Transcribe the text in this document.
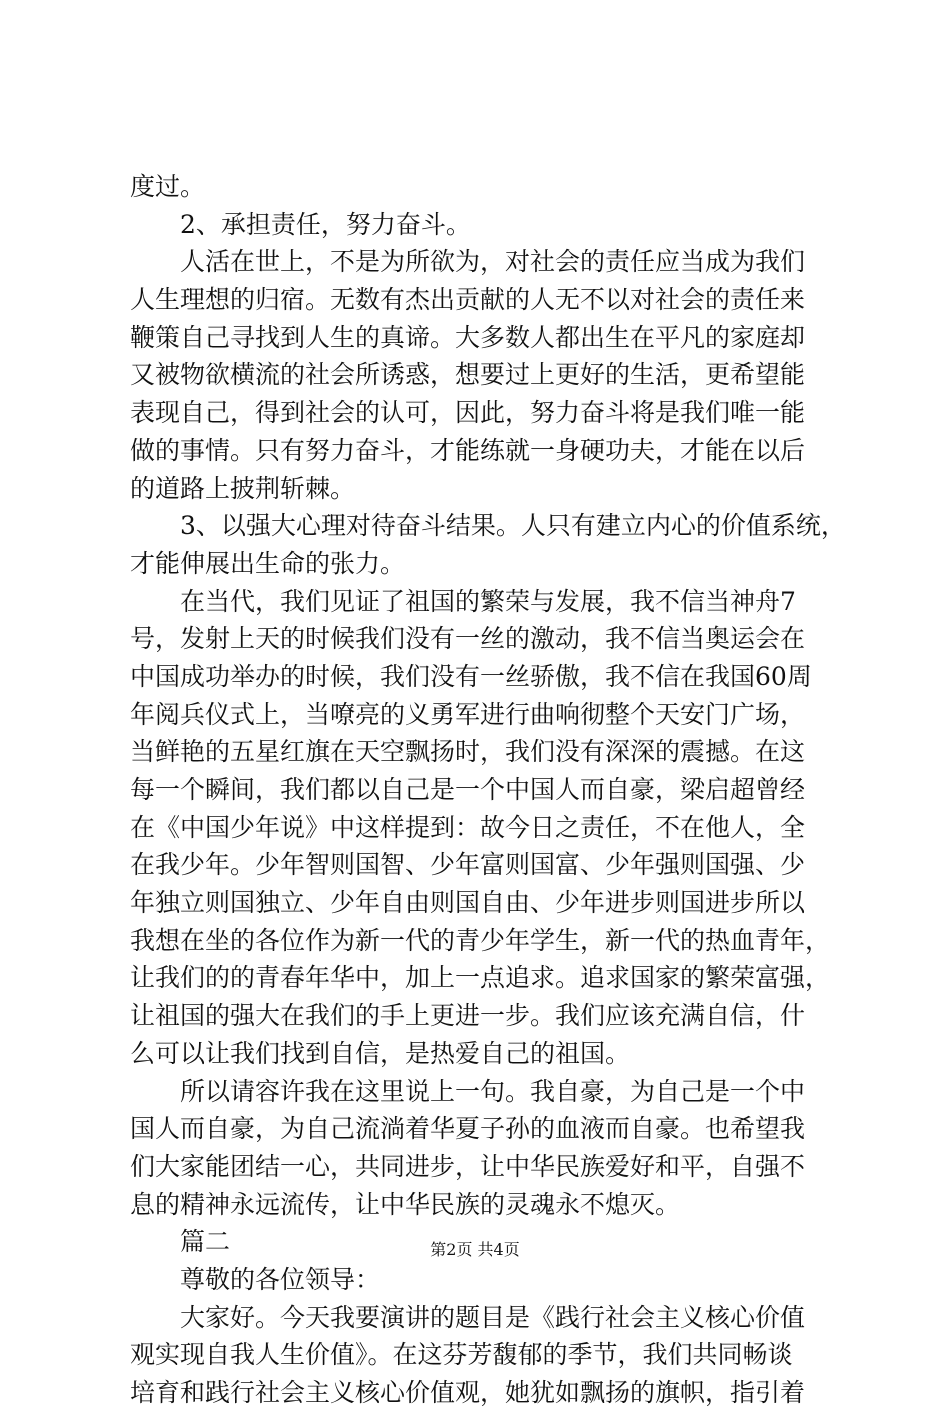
度过。
2、承担责任，努力奋斗。
人活在世上，不是为所欲为，对社会的责任应当成为我们
人生理想的归宿。无数有杰出贡献的人无不以对社会的责任来
鞭策自己寻找到人生的真谛。大多数人都出生在平凡的家庭却
又被物欲横流的社会所诱惑，想要过上更好的生活，更希望能
表现自己，得到社会的认可，因此，努力奋斗将是我们唯一能
做的事情。只有努力奋斗，才能练就一身硬功夫，才能在以后
的道路上披荆斩棘。
3、以强大心理对待奋斗结果。人只有建立内心的价值系统，
才能伸展出生命的张力。
在当代，我们见证了祖国的繁荣与发展，我不信当神舟7
号，发射上天的时候我们没有一丝的激动，我不信当奥运会在
中国成功举办的时候，我们没有一丝骄傲，我不信在我国60周
年阅兵仪式上，当嘹亮的义勇军进行曲响彻整个天安门广场，
当鲜艳的五星红旗在天空飘扬时，我们没有深深的震撼。在这
每一个瞬间，我们都以自己是一个中国人而自豪，梁启超曾经
在《中国少年说》中这样提到：故今日之责任，不在他人，全
在我少年。少年智则国智、少年富则国富、少年强则国强、少
年独立则国独立、少年自由则国自由、少年进步则国进步所以
我想在坐的各位作为新一代的青少年学生，新一代的热血青年，
让我们的的青春年华中，加上一点追求。追求国家的繁荣富强，
让祖国的强大在我们的手上更进一步。我们应该充满自信，什
么可以让我们找到自信，是热爱自己的祖国。
所以请容许我在这里说上一句。我自豪，为自己是一个中
国人而自豪，为自己流淌着华夏子孙的血液而自豪。也希望我
们大家能团结一心，共同进步，让中华民族爱好和平，自强不
息的精神永远流传，让中华民族的灵魂永不熄灭。
篇二
尊敬的各位领导：
大家好。今天我要演讲的题目是《践行社会主义核心价值
观实现自我人生价值》。在这芬芳馥郁的季节，我们共同畅谈
培育和践行社会主义核心价值观，她犹如飘扬的旗帜，指引着
第2页 共4页
